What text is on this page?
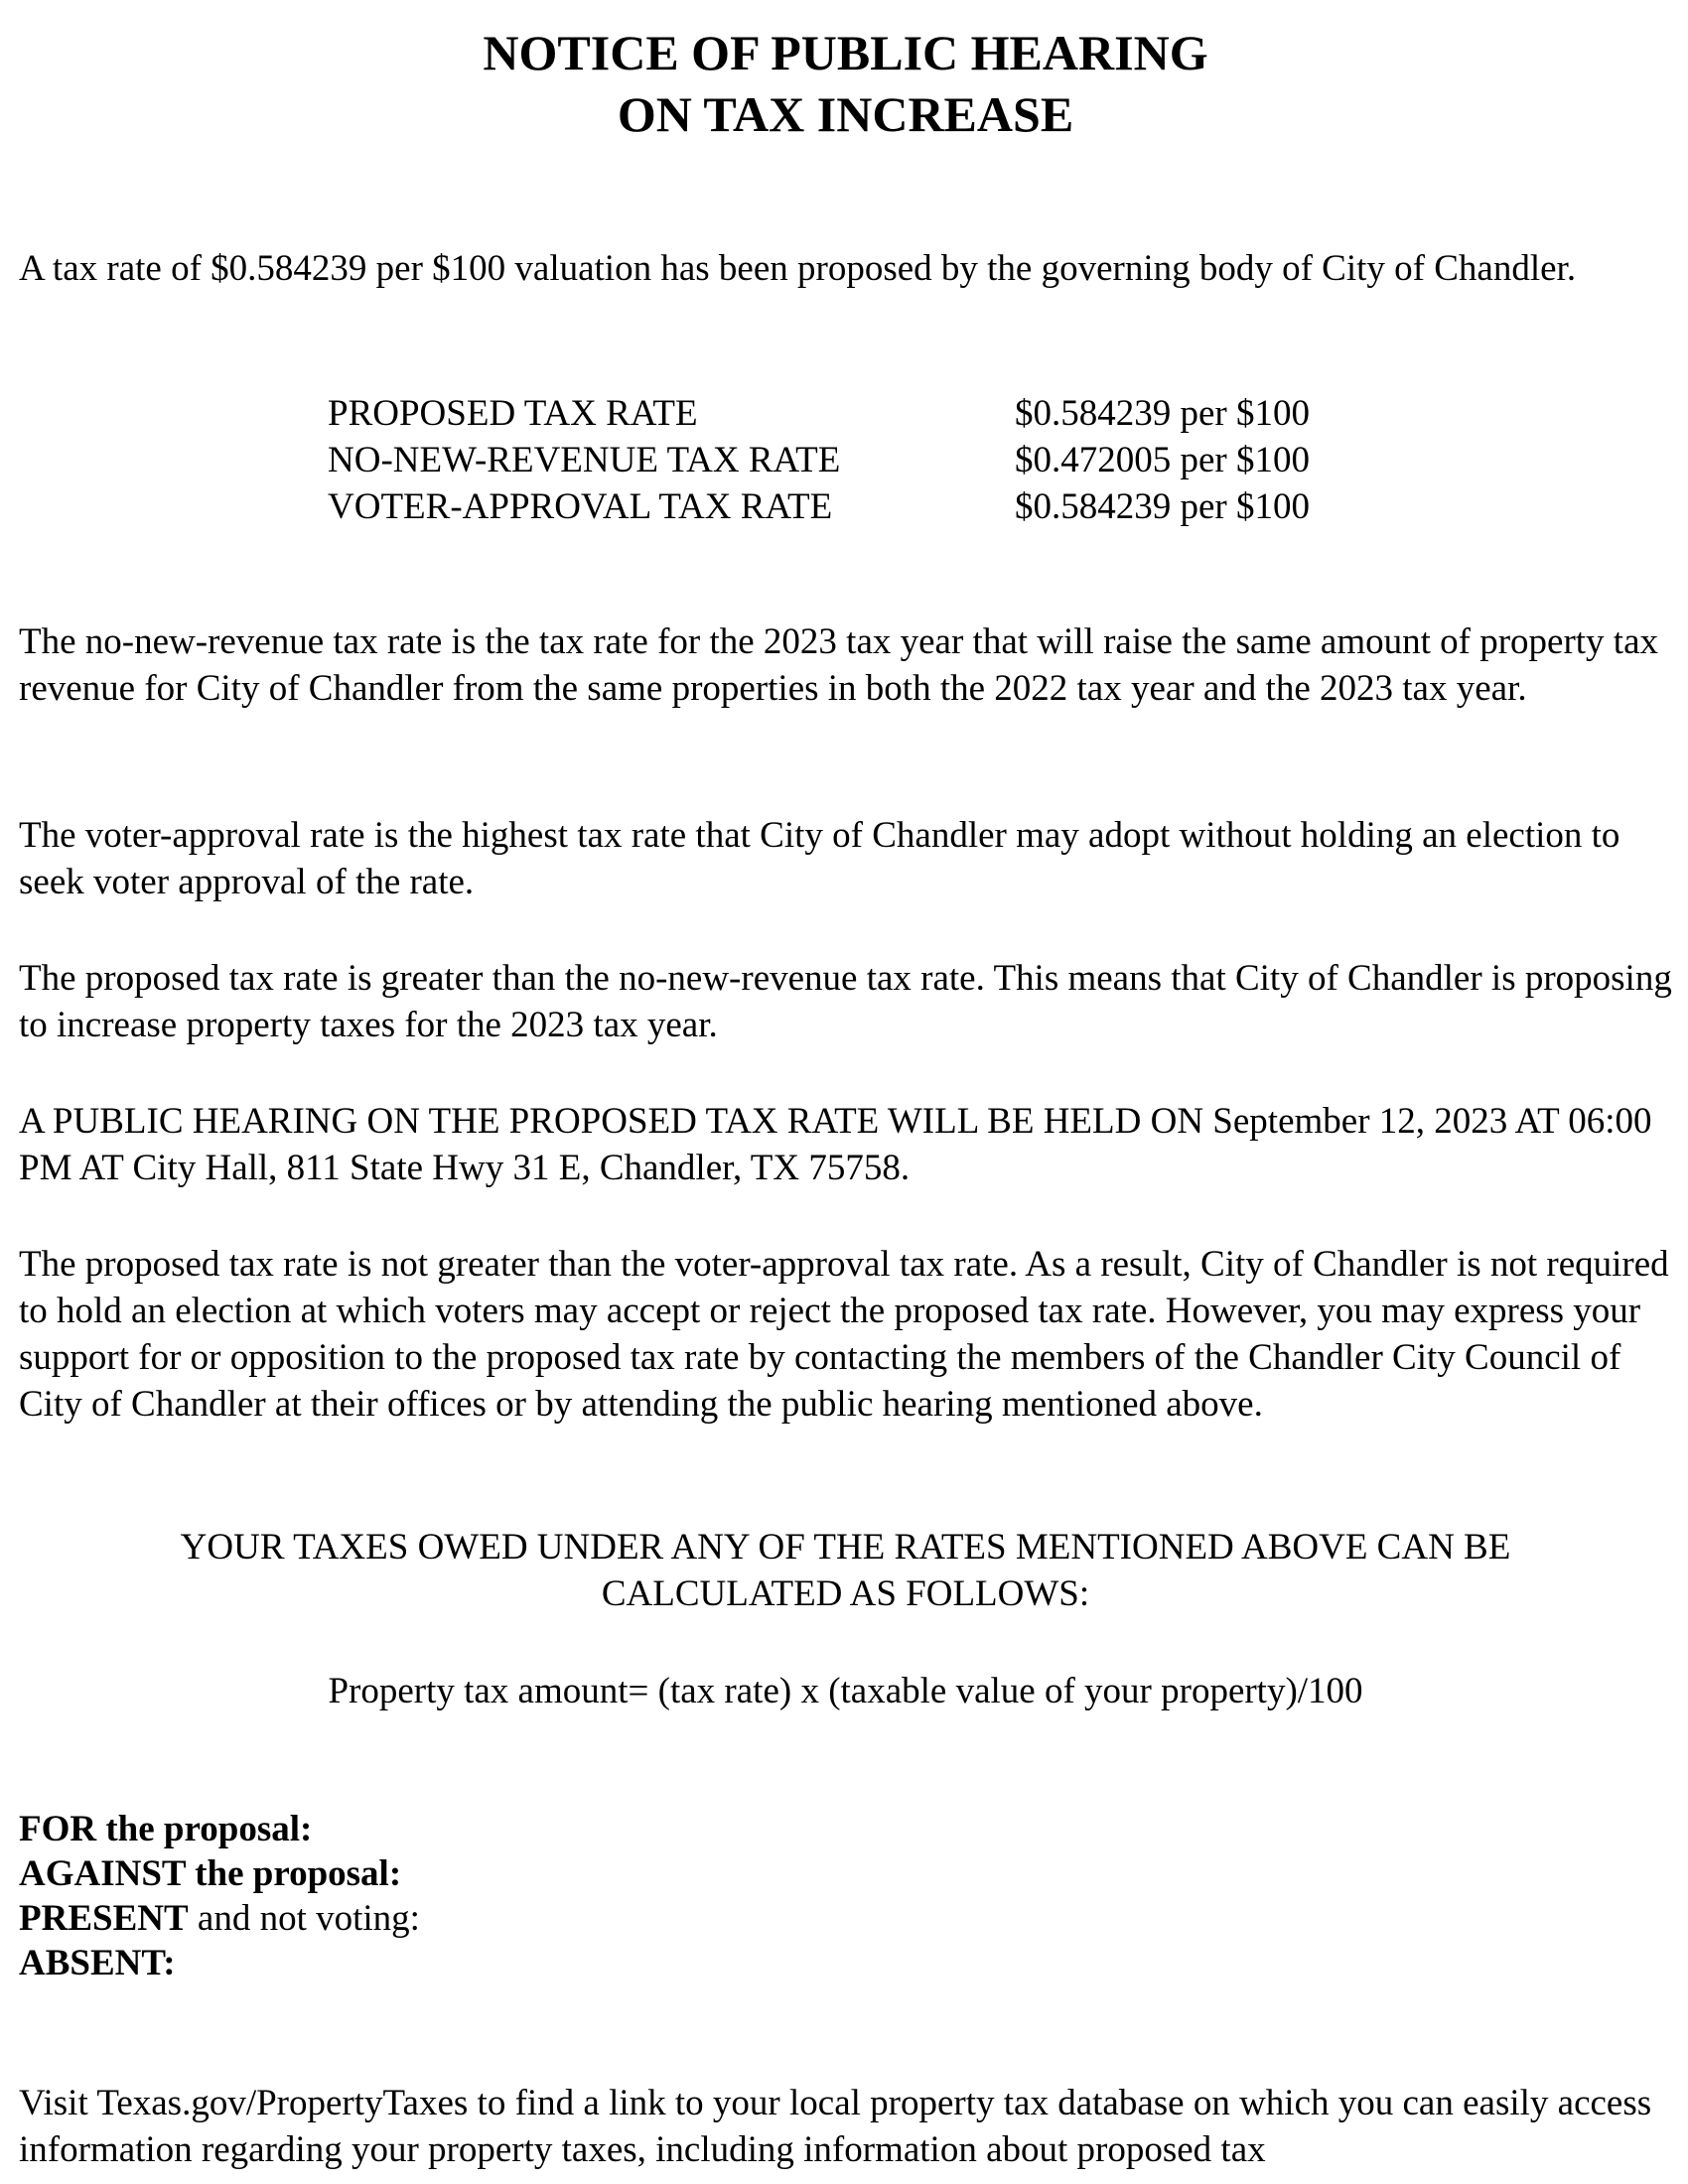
NOTICE OF PUBLIC HEARING
ON TAX INCREASE

A tax rate of $0.584239 per $100 valuation has been proposed by the governing body of City of Chandler.

PROPOSED TAX RATE	$0.584239 per $100
NO-NEW-REVENUE TAX RATE	$0.472005 per $100
VOTER-APPROVAL TAX RATE	$0.584239 per $100

The no-new-revenue tax rate is the tax rate for the 2023 tax year that will raise the same amount of property tax revenue for City of Chandler from the same properties in both the 2022 tax year and the 2023 tax year.

The voter-approval rate is the highest tax rate that City of Chandler may adopt without holding an election to seek voter approval of the rate.

The proposed tax rate is greater than the no-new-revenue tax rate. This means that City of Chandler is proposing to increase property taxes for the 2023 tax year.

A PUBLIC HEARING ON THE PROPOSED TAX RATE WILL BE HELD ON September 12, 2023 AT 06:00 PM AT City Hall, 811 State Hwy 31 E, Chandler, TX 75758.

The proposed tax rate is not greater than the voter-approval tax rate. As a result, City of Chandler is not required to hold an election at which voters may accept or reject the proposed tax rate. However, you may express your support for or opposition to the proposed tax rate by contacting the members of the Chandler City Council of City of Chandler at their offices or by attending the public hearing mentioned above.

YOUR TAXES OWED UNDER ANY OF THE RATES MENTIONED ABOVE CAN BE CALCULATED AS FOLLOWS:

Property tax amount= (tax rate) x (taxable value of your property)/100

FOR the proposal:
AGAINST the proposal:
PRESENT and not voting:
ABSENT:

Visit Texas.gov/PropertyTaxes to find a link to your local property tax database on which you can easily access information regarding your property taxes, including information about proposed tax
